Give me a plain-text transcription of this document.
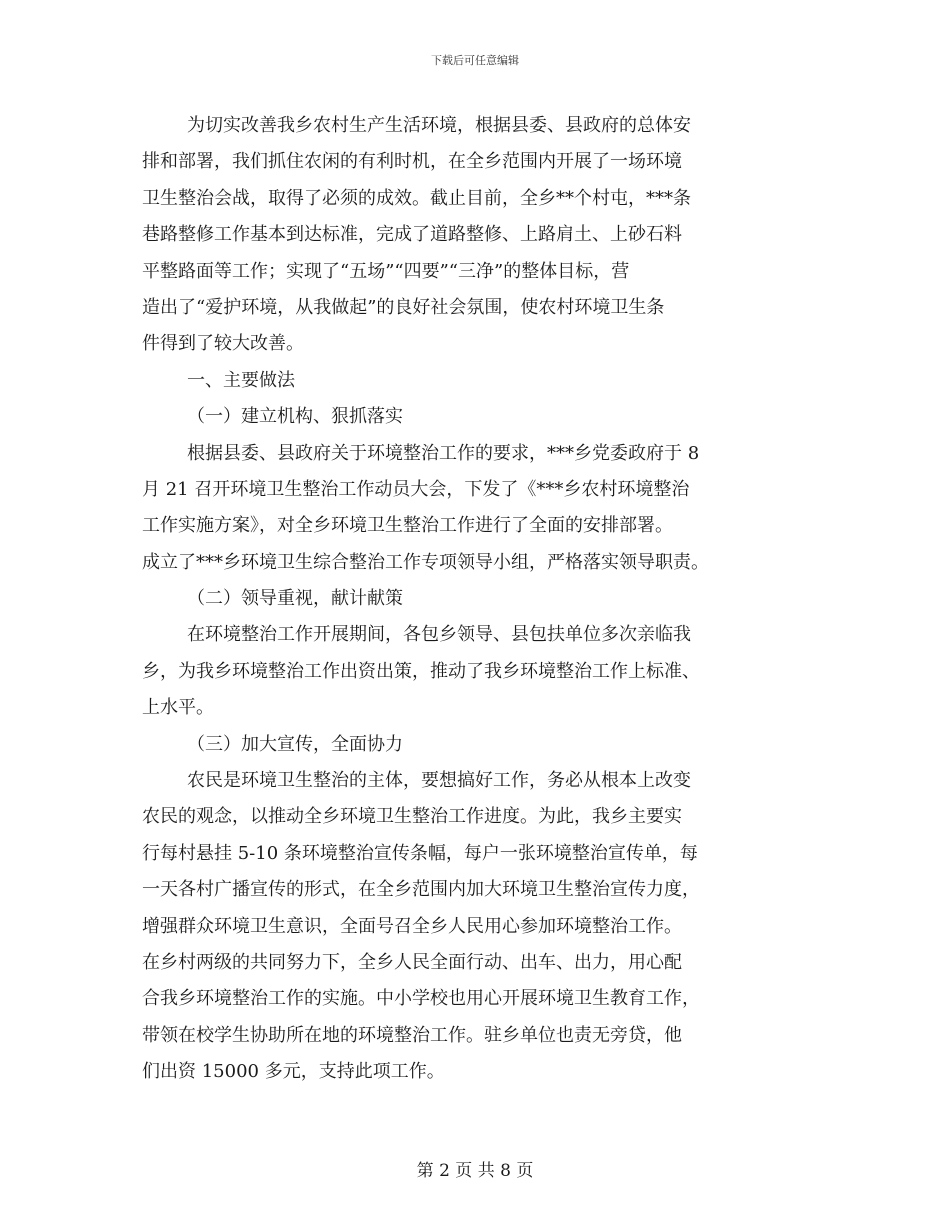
下载后可任意编辑
为切实改善我乡农村生产生活环境，根据县委、县政府的总体安
排和部署，我们抓住农闲的有利时机，在全乡范围内开展了一场环境
卫生整治会战，取得了必须的成效。截止目前，全乡**个村屯，***条
巷路整修工作基本到达标准，完成了道路整修、上路肩土、上砂石料
平整路面等工作；实现了“五场”“四要”“三净”的整体目标，营
造出了“爱护环境，从我做起”的良好社会氛围，使农村环境卫生条
件得到了较大改善。
一、主要做法
（一）建立机构、狠抓落实
根据县委、县政府关于环境整治工作的要求，***乡党委政府于 8
月 21 召开环境卫生整治工作动员大会，下发了《***乡农村环境整治
工作实施方案》，对全乡环境卫生整治工作进行了全面的安排部署。
成立了***乡环境卫生综合整治工作专项领导小组，严格落实领导职责。
（二）领导重视，献计献策
在环境整治工作开展期间，各包乡领导、县包扶单位多次亲临我
乡，为我乡环境整治工作出资出策，推动了我乡环境整治工作上标准、
上水平。
（三）加大宣传，全面协力
农民是环境卫生整治的主体，要想搞好工作，务必从根本上改变
农民的观念，以推动全乡环境卫生整治工作进度。为此，我乡主要实
行每村悬挂 5-10 条环境整治宣传条幅，每户一张环境整治宣传单，每
一天各村广播宣传的形式，在全乡范围内加大环境卫生整治宣传力度，
增强群众环境卫生意识，全面号召全乡人民用心参加环境整治工作。
在乡村两级的共同努力下，全乡人民全面行动、出车、出力，用心配
合我乡环境整治工作的实施。中小学校也用心开展环境卫生教育工作，
带领在校学生协助所在地的环境整治工作。驻乡单位也责无旁贷，他
们出资 15000 多元，支持此项工作。
第 2 页 共 8 页
